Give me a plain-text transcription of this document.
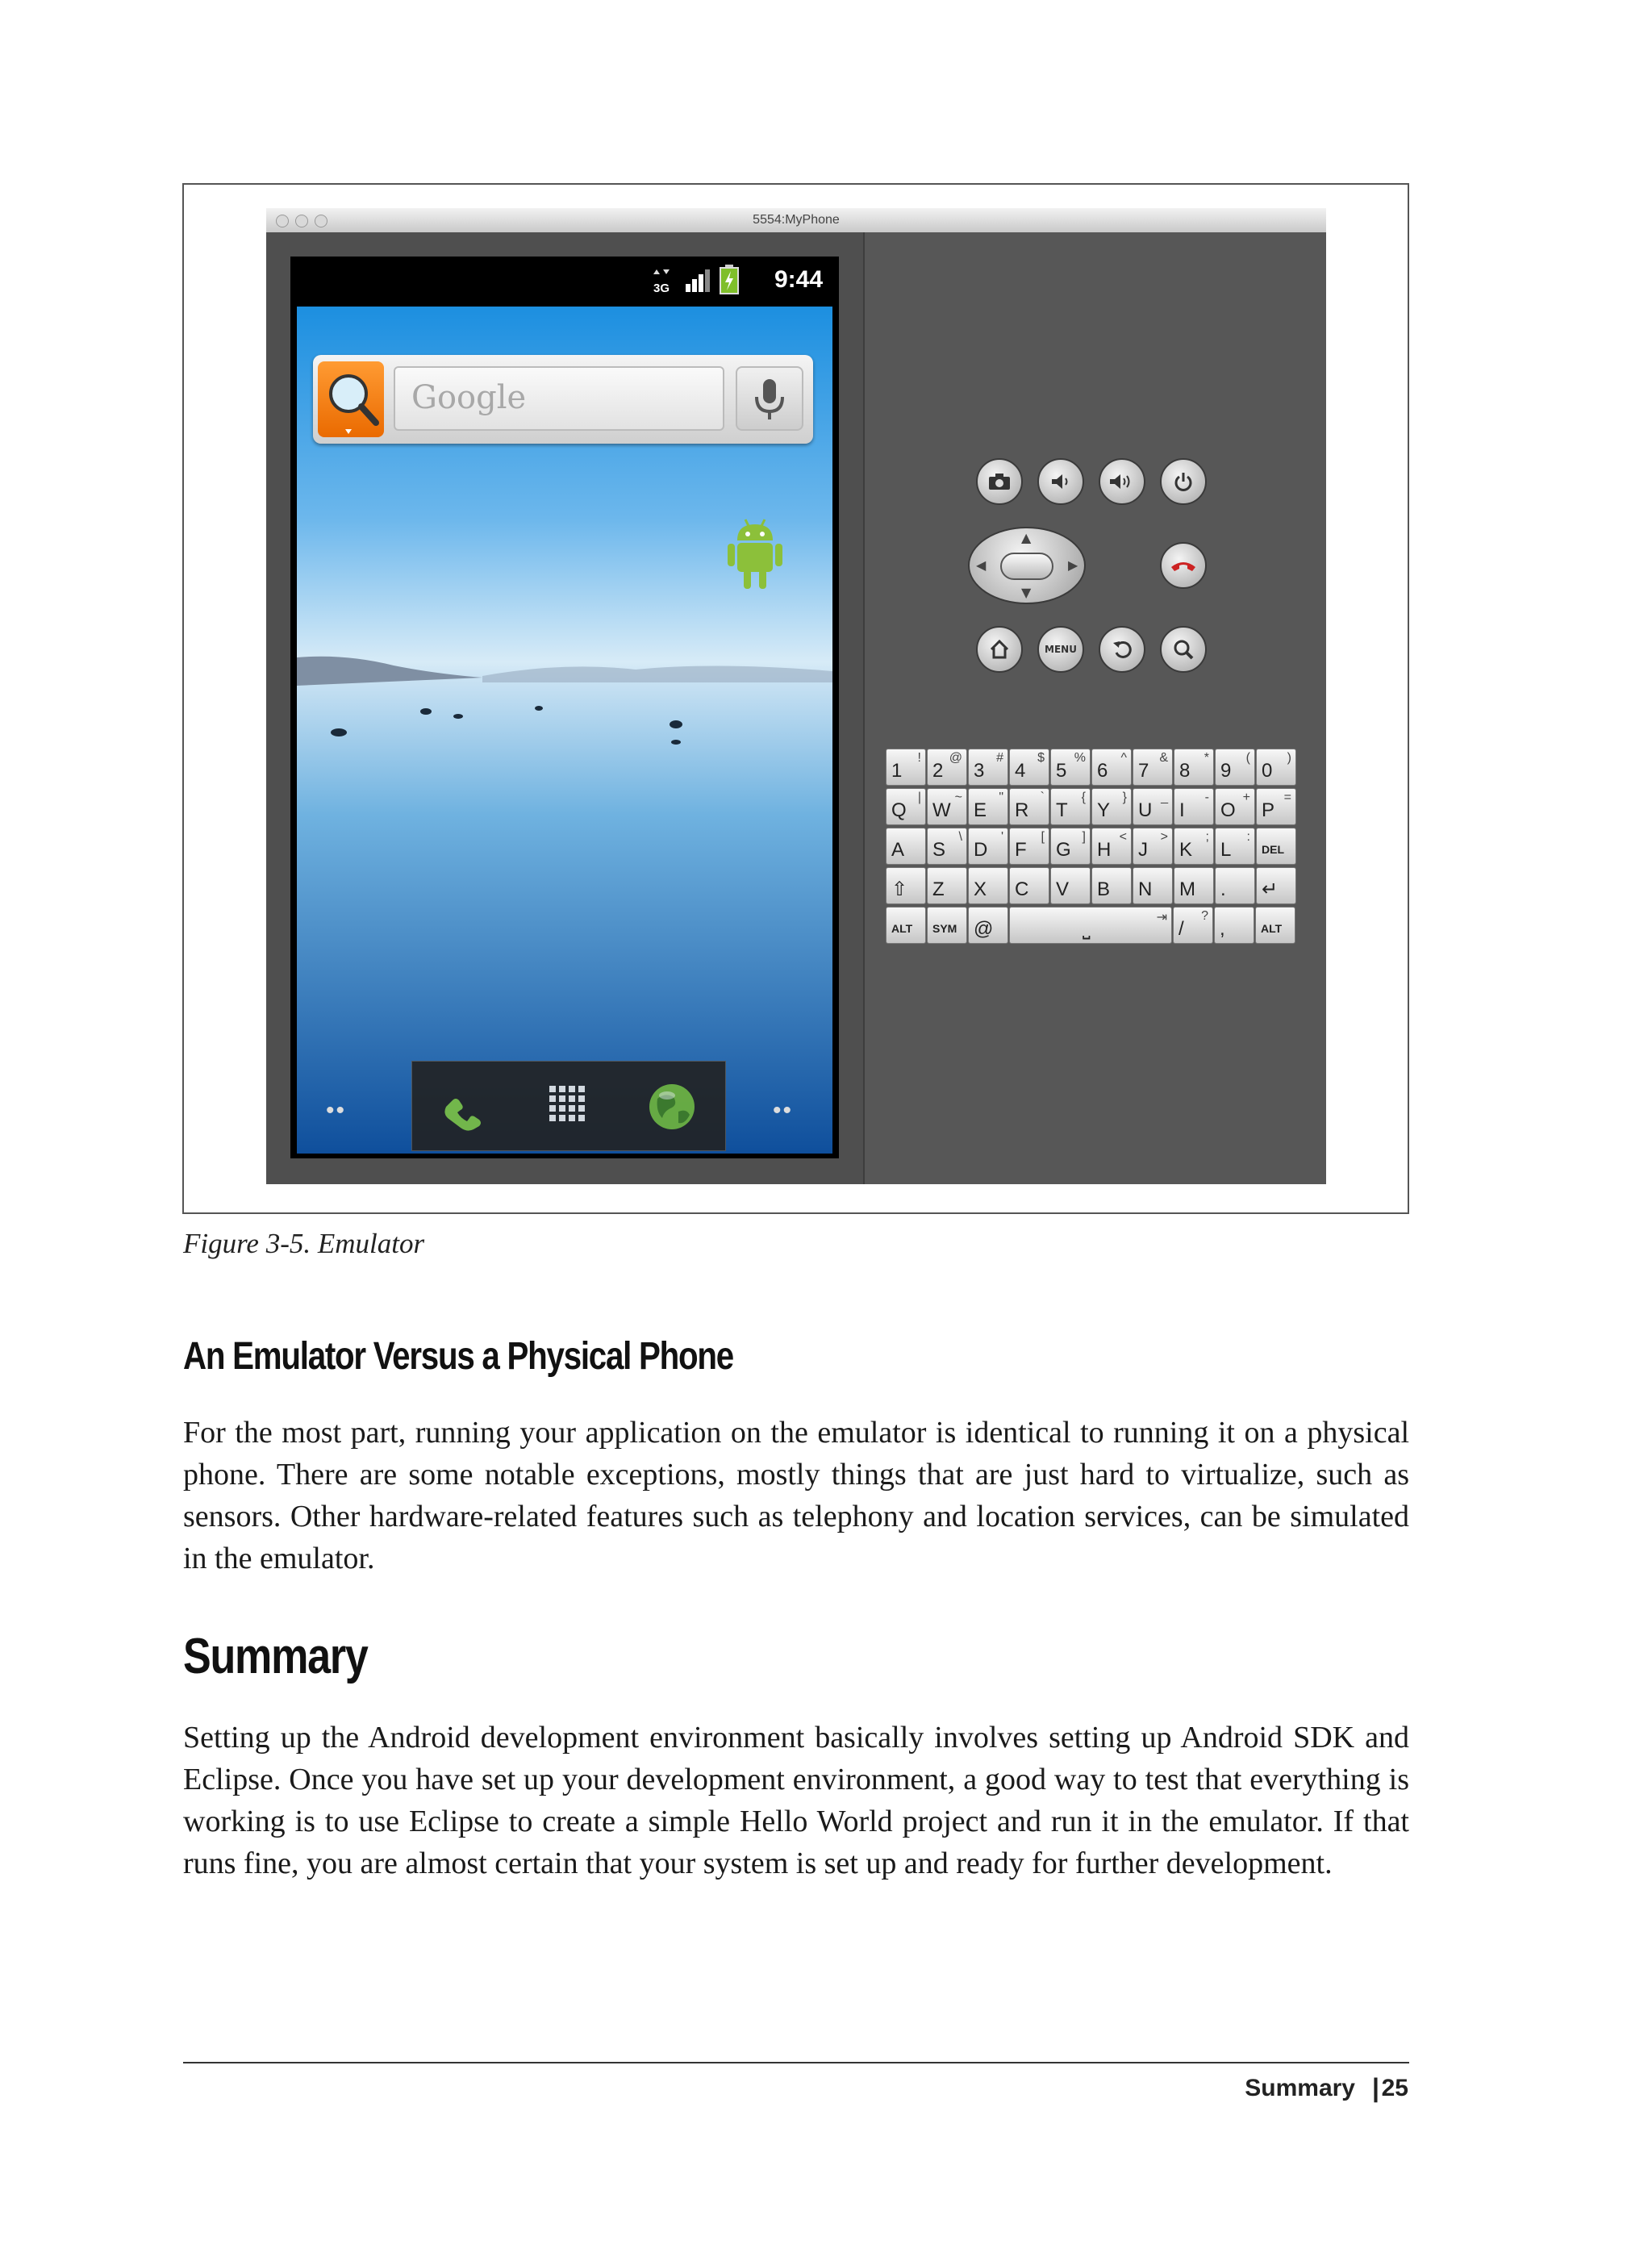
5554:MyPhone
3G	9:44
Google
••	••
▲
▼
◀	▶
MENU
1
!
2
@
3
#
4
$
5
%
6
^
7
&
8
*
9
(
0
)
Q
|
W
~
E
"
R
`
T
{
Y
}
U
_
I
-
O
+
P
=
A S
\
D
'
F
[
G
]
H
<
J
>
K
;
L
:
DEL
⇧ Z X C V B N M . ↵
ALT SYM @	⎵
⇥
/
?
,	ALT
Figure 3-5. Emulator
An Emulator Versus a Physical Phone
For the most part, running your application on the emulator is identical to running it on a physical phone. There are some notable exceptions, mostly things that are just hard to virtualize, such as sensors. Other hardware-related features such as telephony and location services, can be simulated in the emulator.
Summary
Setting up the Android development environment basically involves setting up Android SDK and Eclipse. Once you have set up your development environment, a good way to test that everything is working is to use Eclipse to create a simple Hello World project and run it in the emulator. If that runs fine, you are almost certain that your system is set up and ready for further development.
Summary | 25
